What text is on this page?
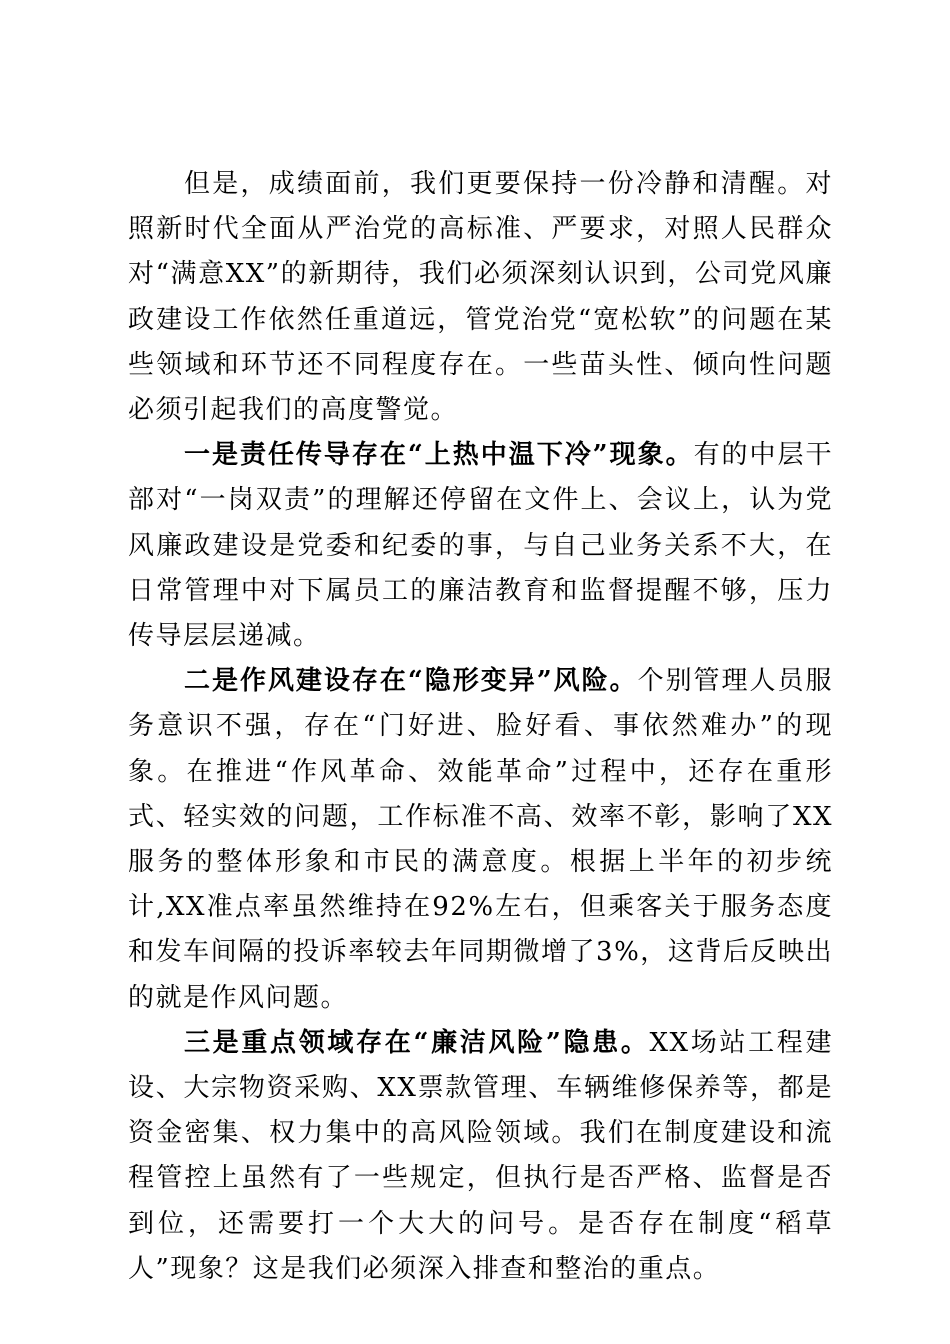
但是，成绩面前，我们更要保持一份冷静和清醒。对照新时代全面从严治党的高标准、严要求，对照人民群众对“满意XX”的新期待，我们必须深刻认识到，公司党风廉政建设工作依然任重道远，管党治党“宽松软”的问题在某些领域和环节还不同程度存在。一些苗头性、倾向性问题必须引起我们的高度警觉。

一是责任传导存在“上热中温下冷”现象。有的中层干部对“一岗双责”的理解还停留在文件上、会议上，认为党风廉政建设是党委和纪委的事，与自己业务关系不大，在日常管理中对下属员工的廉洁教育和监督提醒不够，压力传导层层递减。

二是作风建设存在“隐形变异”风险。个别管理人员服务意识不强，存在“门好进、脸好看、事依然难办”的现象。在推进“作风革命、效能革命”过程中，还存在重形式、轻实效的问题，工作标准不高、效率不彰，影响了XX服务的整体形象和市民的满意度。根据上半年的初步统计,XX准点率虽然维持在92%左右，但乘客关于服务态度和发车间隔的投诉率较去年同期微增了3%，这背后反映出的就是作风问题。

三是重点领域存在“廉洁风险”隐患。XX场站工程建设、大宗物资采购、XX票款管理、车辆维修保养等，都是资金密集、权力集中的高风险领域。我们在制度建设和流程管控上虽然有了一些规定，但执行是否严格、监督是否到位，还需要打一个大大的问号。是否存在制度“稻草人”现象？这是我们必须深入排查和整治的重点。
